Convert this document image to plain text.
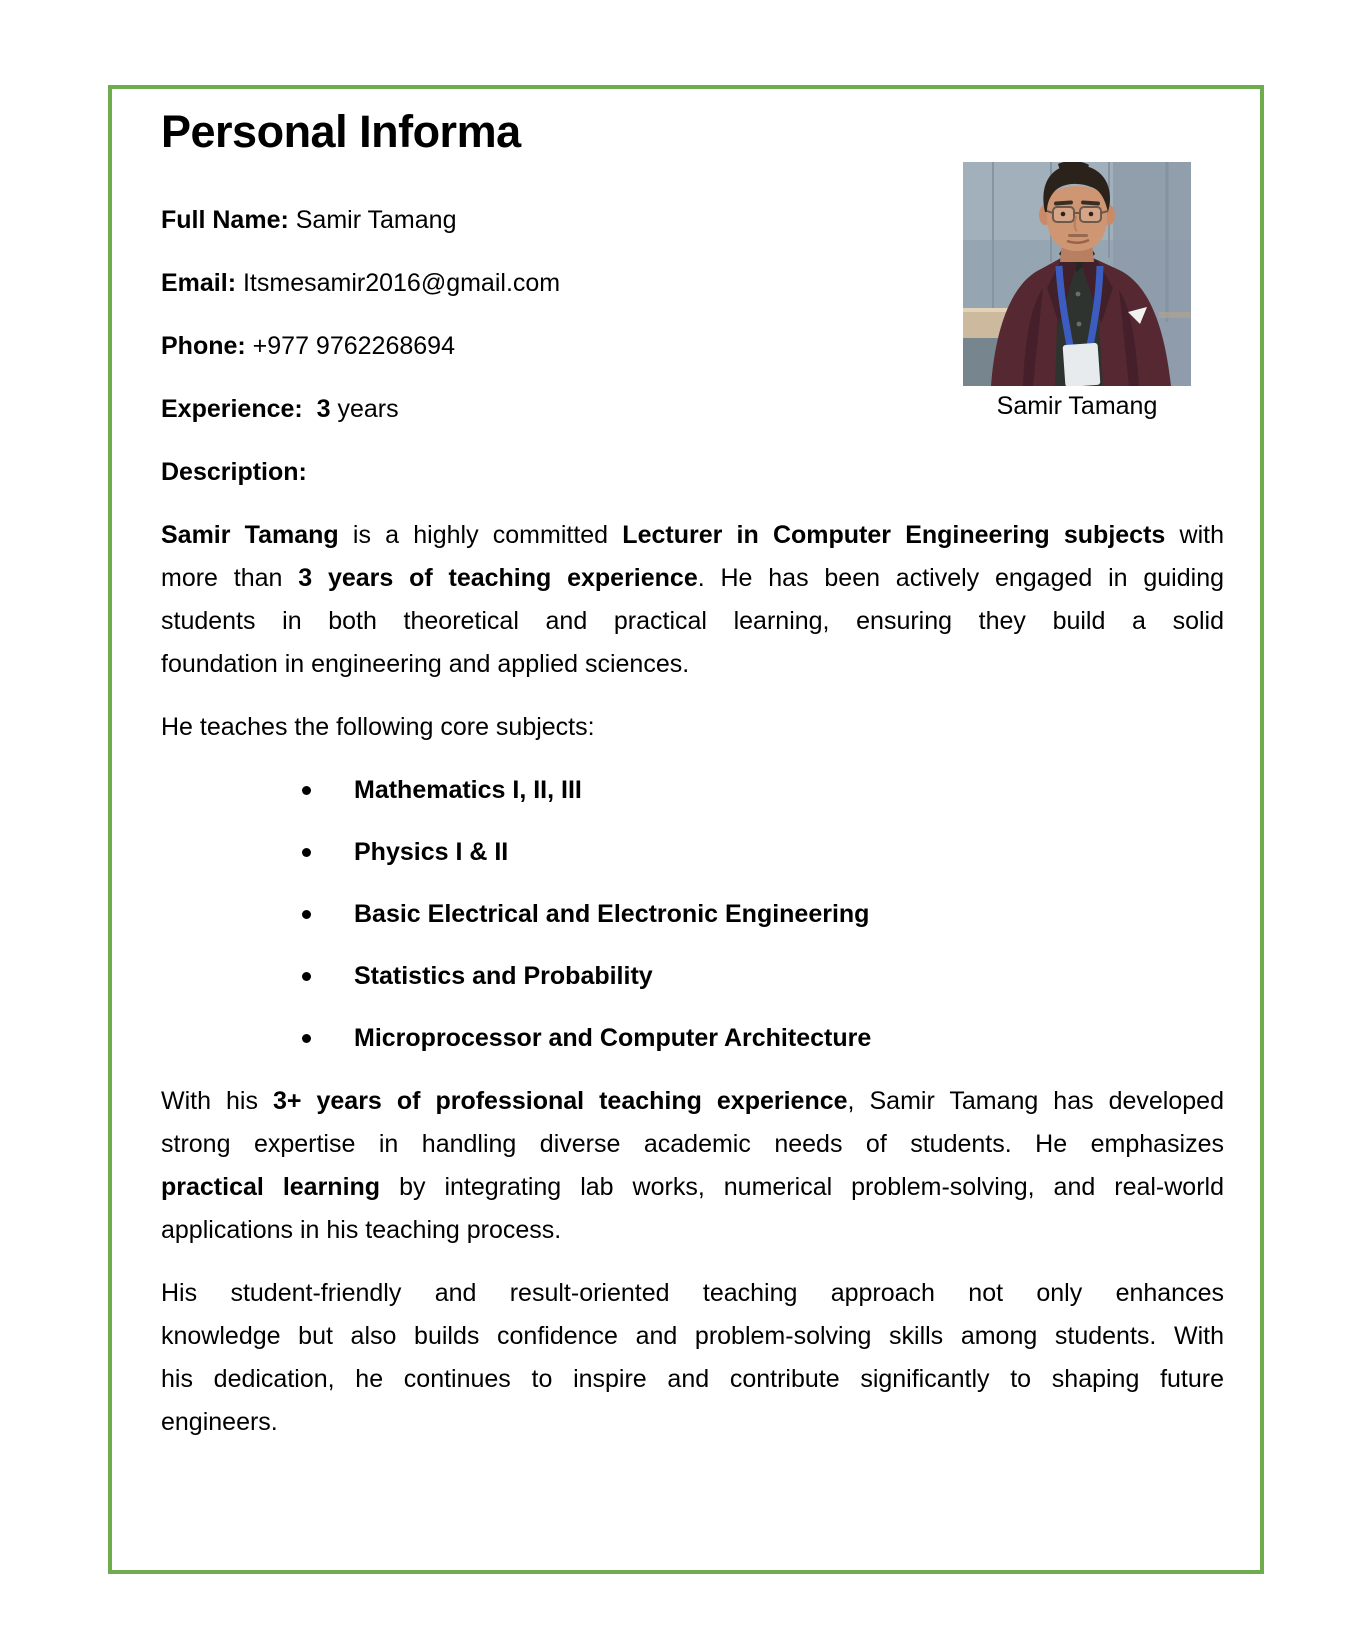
Samir Tamang
Personal Informa
Full Name: Samir Tamang
Email: Itsmesamir2016@gmail.com
Phone: +977 9762268694
Experience:  3 years
Description:
Samir Tamang is a highly committed Lecturer in Computer Engineering subjects with
more than 3 years of teaching experience. He has been actively engaged in guiding
students in both theoretical and practical learning, ensuring they build a solid
foundation in engineering and applied sciences.
He teaches the following core subjects:
Mathematics I, II, III
Physics I & II
Basic Electrical and Electronic Engineering
Statistics and Probability
Microprocessor and Computer Architecture
With his 3+ years of professional teaching experience, Samir Tamang has developed
strong expertise in handling diverse academic needs of students. He emphasizes
practical learning by integrating lab works, numerical problem-solving, and real-world
applications in his teaching process.
His student-friendly and result-oriented teaching approach not only enhances
knowledge but also builds confidence and problem-solving skills among students. With
his dedication, he continues to inspire and contribute significantly to shaping future
engineers.
